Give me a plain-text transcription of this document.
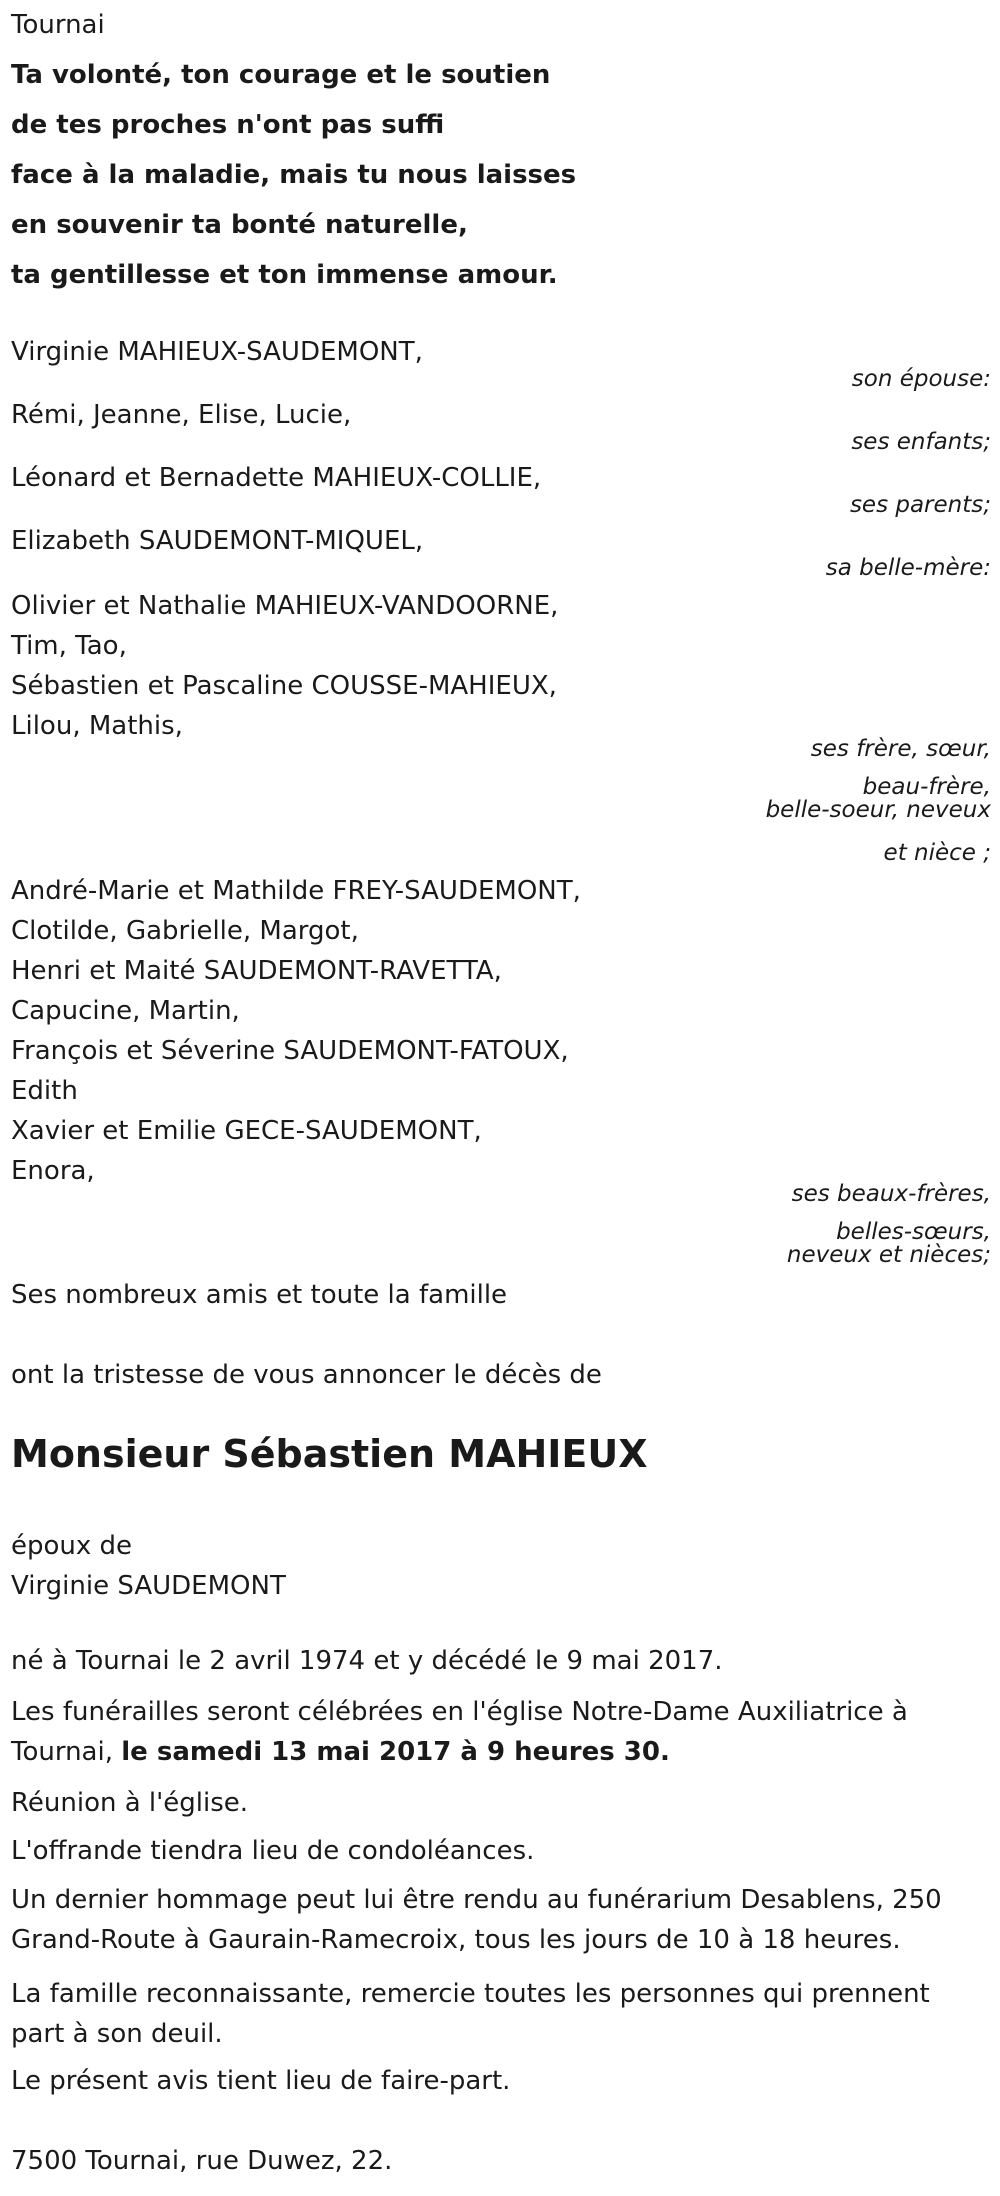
Tournai
Ta volonté, ton courage et le soutien
de tes proches n'ont pas suffi
face à la maladie, mais tu nous laisses
en souvenir ta bonté naturelle,
ta gentillesse et ton immense amour.
Virginie MAHIEUX-SAUDEMONT,
son épouse:
Rémi, Jeanne, Elise, Lucie,
ses enfants;
Léonard et Bernadette MAHIEUX-COLLIE,
ses parents;
Elizabeth SAUDEMONT-MIQUEL,
sa belle-mère:
Olivier et Nathalie MAHIEUX-VANDOORNE,
Tim, Tao,
Sébastien et Pascaline COUSSE-MAHIEUX,
Lilou, Mathis,
ses frère, sœur,
beau-frère,
belle-soeur, neveux
et nièce ;
André-Marie et Mathilde FREY-SAUDEMONT,
Clotilde, Gabrielle, Margot,
Henri et Maité SAUDEMONT-RAVETTA,
Capucine, Martin,
François et Séverine SAUDEMONT-FATOUX,
Edith
Xavier et Emilie GECE-SAUDEMONT,
Enora,
ses beaux-frères,
belles-sœurs,
neveux et nièces;
Ses nombreux amis et toute la famille
ont la tristesse de vous annoncer le décès de
Monsieur Sébastien MAHIEUX
époux de
Virginie SAUDEMONT
né à Tournai le 2 avril 1974 et y décédé le 9 mai 2017.
Les funérailles seront célébrées en l'église Notre-Dame Auxiliatrice à Tournai, le samedi 13 mai 2017 à 9 heures 30.
Réunion à l'église.
L'offrande tiendra lieu de condoléances.
Un dernier hommage peut lui être rendu au funérarium Desablens, 250 Grand-Route à Gaurain-Ramecroix, tous les jours de 10 à 18 heures.
La famille reconnaissante, remercie toutes les personnes qui prennent part à son deuil.
Le présent avis tient lieu de faire-part.
7500 Tournai, rue Duwez, 22.
